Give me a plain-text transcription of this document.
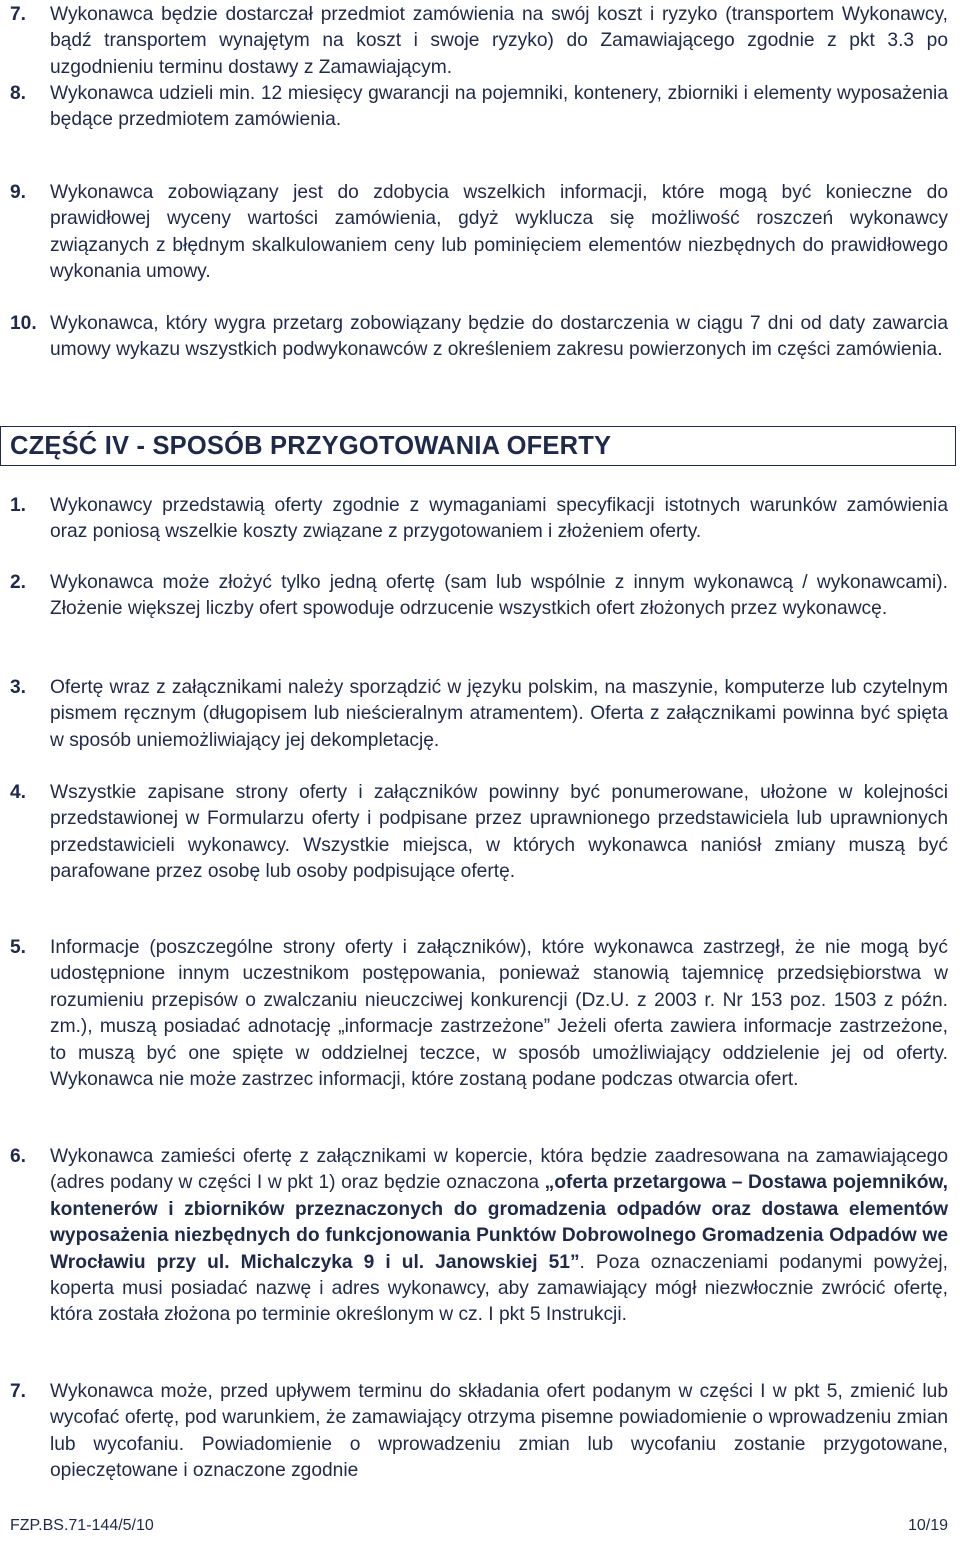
7. Wykonawca będzie dostarczał przedmiot zamówienia na swój koszt i ryzyko (transportem Wykonawcy, bądź transportem wynajętym na koszt i swoje ryzyko) do Zamawiającego zgodnie z pkt 3.3 po uzgodnieniu terminu dostawy z Zamawiającym.
8. Wykonawca udzieli min. 12 miesięcy gwarancji na pojemniki, kontenery, zbiorniki i elementy wyposażenia będące przedmiotem zamówienia.
9. Wykonawca zobowiązany jest do zdobycia wszelkich informacji, które mogą być konieczne do prawidłowej wyceny wartości zamówienia, gdyż wyklucza się możliwość roszczeń wykonawcy związanych z błędnym skalkulowaniem ceny lub pominięciem elementów niezbędnych do prawidłowego wykonania umowy.
10. Wykonawca, który wygra przetarg zobowiązany będzie do dostarczenia w ciągu 7 dni od daty zawarcia umowy wykazu wszystkich podwykonawców z określeniem zakresu powierzonych im części zamówienia.
CZĘŚĆ IV - SPOSÓB PRZYGOTOWANIA OFERTY
1. Wykonawcy przedstawią oferty zgodnie z wymaganiami specyfikacji istotnych warunków zamówienia oraz poniosą wszelkie koszty związane z przygotowaniem i złożeniem oferty.
2. Wykonawca może złożyć tylko jedną ofertę (sam lub wspólnie z innym wykonawcą / wykonawcami). Złożenie większej liczby ofert spowoduje odrzucenie wszystkich ofert złożonych przez wykonawcę.
3. Ofertę wraz z załącznikami należy sporządzić w języku polskim, na maszynie, komputerze lub czytelnym pismem ręcznym (długopisem lub nieścieralnym atramentem). Oferta z załącznikami powinna być spięta w sposób uniemożliwiający jej dekompletację.
4. Wszystkie zapisane strony oferty i załączników powinny być ponumerowane, ułożone w kolejności przedstawionej w Formularzu oferty i podpisane przez uprawnionego przedstawiciela lub uprawnionych przedstawicieli wykonawcy. Wszystkie miejsca, w których wykonawca naniósł zmiany muszą być parafowane przez osobę lub osoby podpisujące ofertę.
5. Informacje (poszczególne strony oferty i załączników), które wykonawca zastrzegł, że nie mogą być udostępnione innym uczestnikom postępowania, ponieważ stanowią tajemnicę przedsiębiorstwa w rozumieniu przepisów o zwalczaniu nieuczciwej konkurencji (Dz.U. z 2003 r. Nr 153 poz. 1503 z późn. zm.), muszą posiadać adnotację „informacje zastrzeżone” Jeżeli oferta zawiera informacje zastrzeżone, to muszą być one spięte w oddzielnej teczce, w sposób umożliwiający oddzielenie jej od oferty. Wykonawca nie może zastrzec informacji, które zostaną podane podczas otwarcia ofert.
6. Wykonawca zamieści ofertę z załącznikami w kopercie, która będzie zaadresowana na zamawiającego (adres podany w części I w pkt 1) oraz będzie oznaczona „oferta przetargowa – Dostawa pojemników, kontenerów i zbiorników przeznaczonych do gromadzenia odpadów oraz dostawa elementów wyposażenia niezbędnych do funkcjonowania Punktów Dobrowolnego Gromadzenia Odpadów we Wrocławiu przy ul. Michalczyka 9 i ul. Janowskiej 51”. Poza oznaczeniami podanymi powyżej, koperta musi posiadać nazwę i adres wykonawcy, aby zamawiający mógł niezwłocznie zwrócić ofertę, która została złożona po terminie określonym w cz. I pkt 5 Instrukcji.
7. Wykonawca może, przed upływem terminu do składania ofert podanym w części I w pkt 5, zmienić lub wycofać ofertę, pod warunkiem, że zamawiający otrzyma pisemne powiadomienie o wprowadzeniu zmian lub wycofaniu. Powiadomienie o wprowadzeniu zmian lub wycofaniu zostanie przygotowane, opieczętowane i oznaczone zgodnie
FZP.BS.71-144/5/10	10/19
